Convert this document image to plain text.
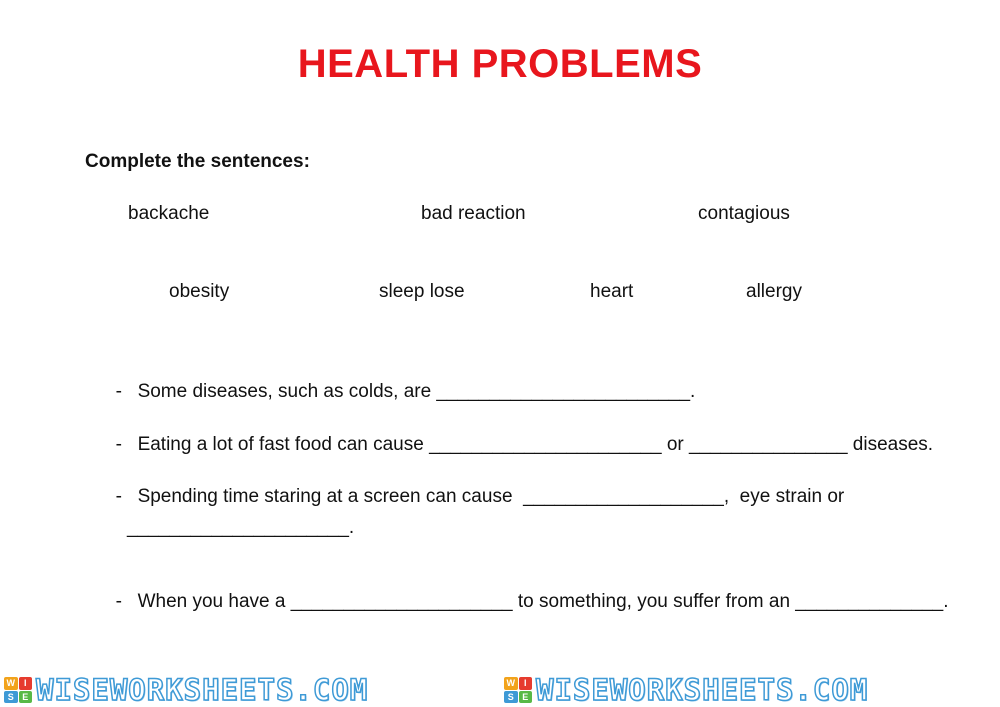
HEALTH PROBLEMS
Complete the sentences:
backache	bad reaction	contagious
obesity	sleep lose	heart	allergy

- Some diseases, such as colds, are ________________________.

- Eating a lot of fast food can cause ______________________ or _______________ diseases.

- Spending time staring at a screen can cause  ___________________,  eye strain or

_____________________.

- When you have a _____________________ to something, you suffer from an ______________.

W I
S E WISEWORKSHEETS.COM	W I
S E WISEWORKSHEETS.COM
